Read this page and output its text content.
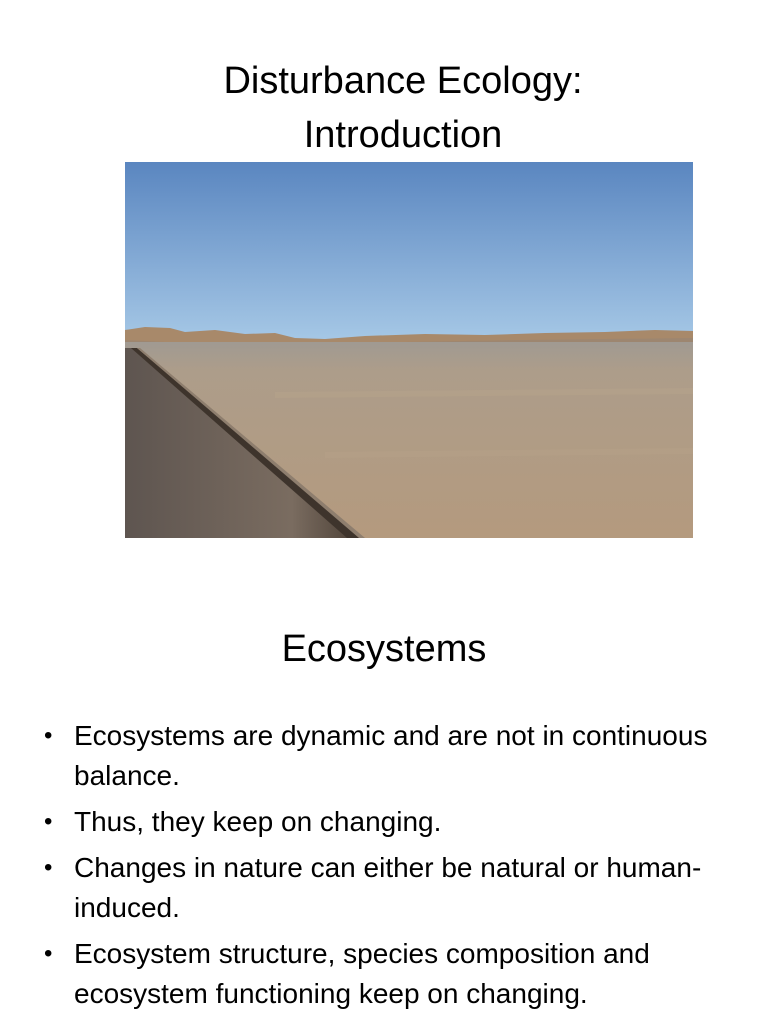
Disturbance Ecology:
Introduction
Ecosystems
• Ecosystems are dynamic and are not in continuous balance.
• Thus, they keep on changing.
• Changes in nature can either be natural or human-induced.
• Ecosystem structure, species composition and ecosystem functioning keep on changing.
